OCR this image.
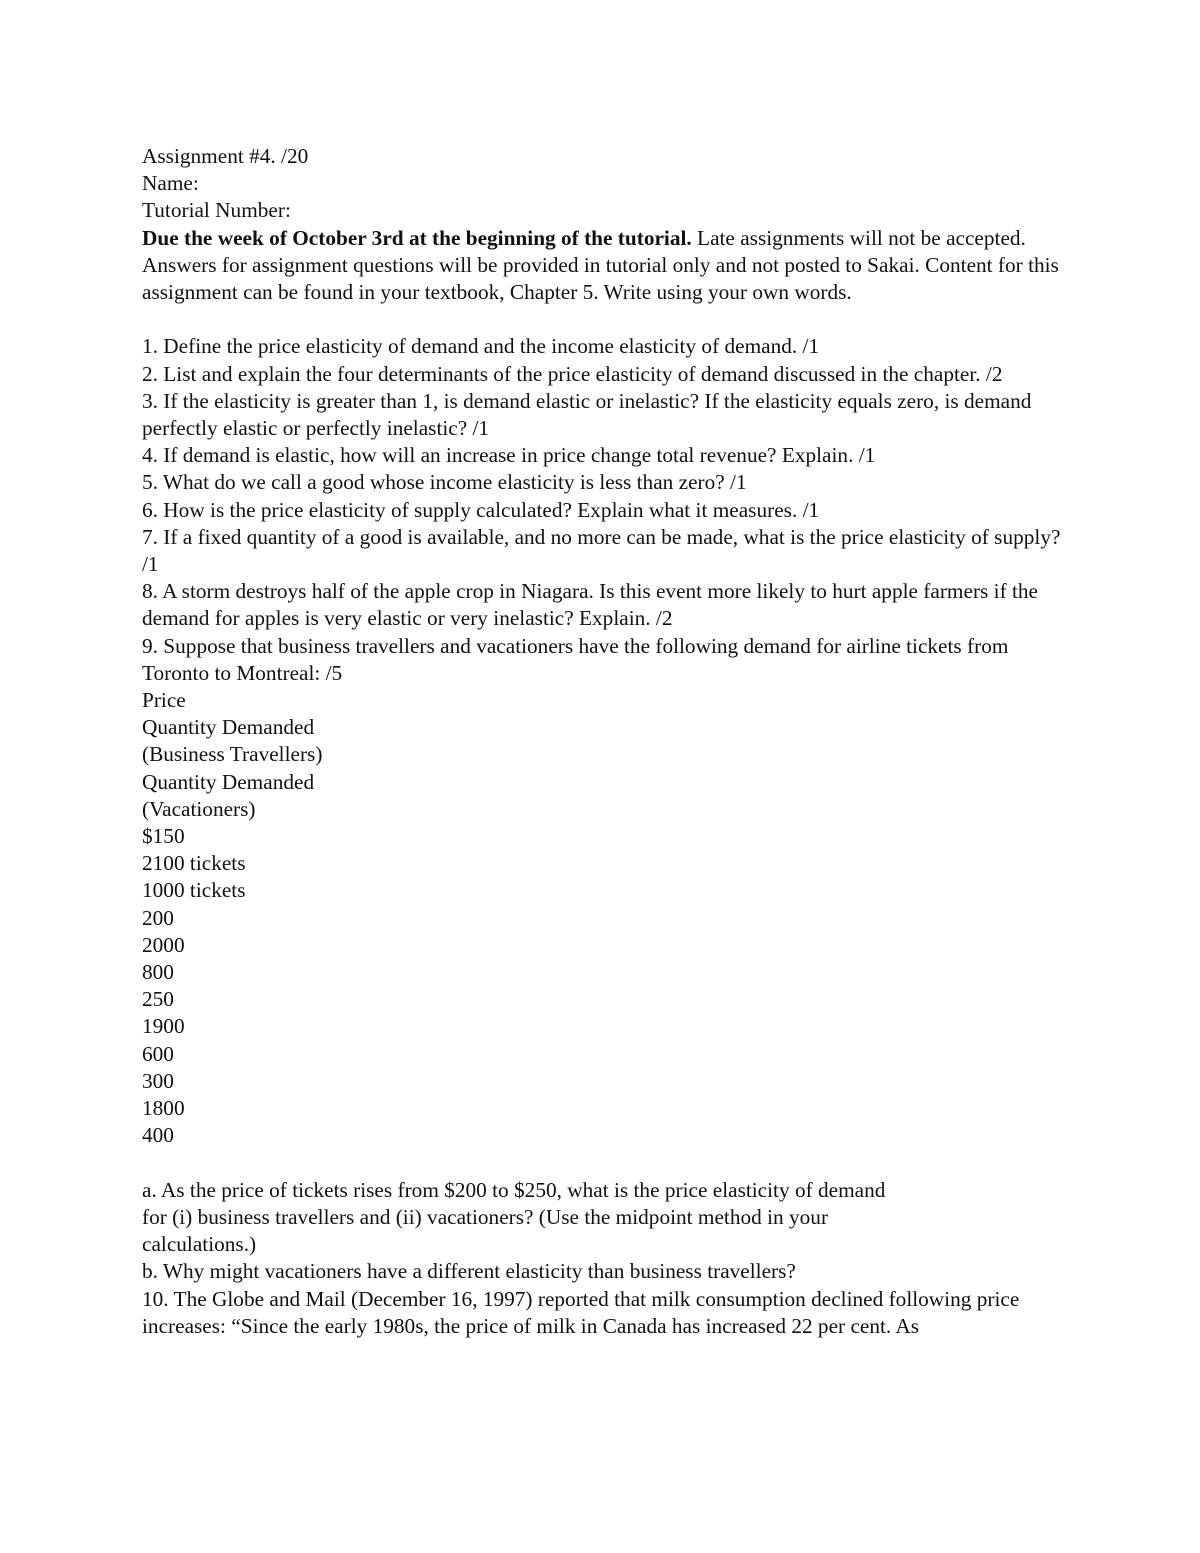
Assignment #4. /20
Name:
Tutorial Number:

Due the week of October 3rd at the beginning of the tutorial. Late assignments will not be accepted. Answers for assignment questions will be provided in tutorial only and not posted to Sakai. Content for this assignment can be found in your textbook, Chapter 5. Write using your own words.

1. Define the price elasticity of demand and the income elasticity of demand. /1

2. List and explain the four determinants of the price elasticity of demand discussed in the chapter. /2

3. If the elasticity is greater than 1, is demand elastic or inelastic? If the elasticity equals zero, is demand perfectly elastic or perfectly inelastic? /1

4. If demand is elastic, how will an increase in price change total revenue? Explain. /1

5. What do we call a good whose income elasticity is less than zero? /1

6. How is the price elasticity of supply calculated? Explain what it measures. /1

7. If a fixed quantity of a good is available, and no more can be made, what is the price elasticity of supply? /1

8. A storm destroys half of the apple crop in Niagara. Is this event more likely to hurt apple farmers if the demand for apples is very elastic or very inelastic? Explain. /2

9. Suppose that business travellers and vacationers have the following demand for airline tickets from Toronto to Montreal: /5

Price
Quantity Demanded
(Business Travellers)
Quantity Demanded
(Vacationers)
$150
2100 tickets
1000 tickets
200
2000
800
250
1900
600
300
1800
400
a. As the price of tickets rises from $200 to $250, what is the price elasticity of demand
for (i) business travellers and (ii) vacationers? (Use the midpoint method in your
calculations.)
b. Why might vacationers have a different elasticity than business travellers?

10. The Globe and Mail (December 16, 1997) reported that milk consumption declined following price increases: “Since the early 1980s, the price of milk in Canada has increased 22 per cent. As
